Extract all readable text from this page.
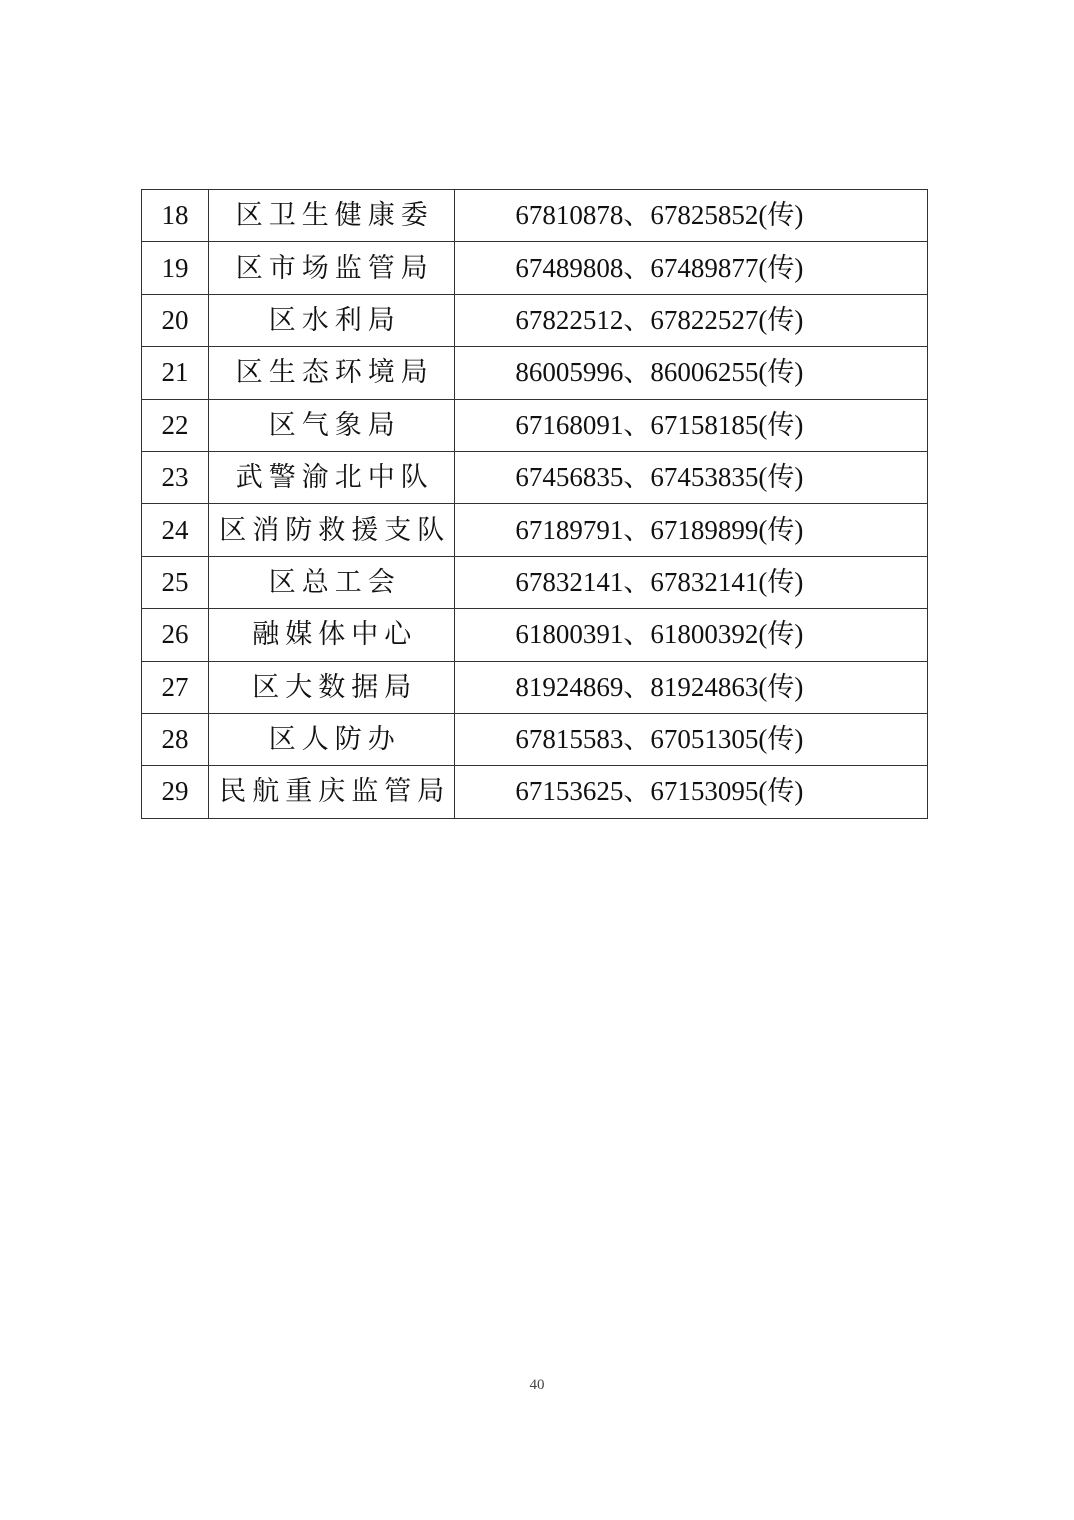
18	区卫生健康委	67810878、67825852(传)
19	区市场监管局	67489808、67489877(传)
20	区水利局	67822512、67822527(传)
21	区生态环境局	86005996、86006255(传)
22	区气象局	67168091、67158185(传)
23	武警渝北中队	67456835、67453835(传)
24	区消防救援支队	67189791、67189899(传)
25	区总工会	67832141、67832141(传)
26	融媒体中心	61800391、61800392(传)
27	区大数据局	81924869、81924863(传)
28	区人防办	67815583、67051305(传)
29	民航重庆监管局	67153625、67153095(传)
40
